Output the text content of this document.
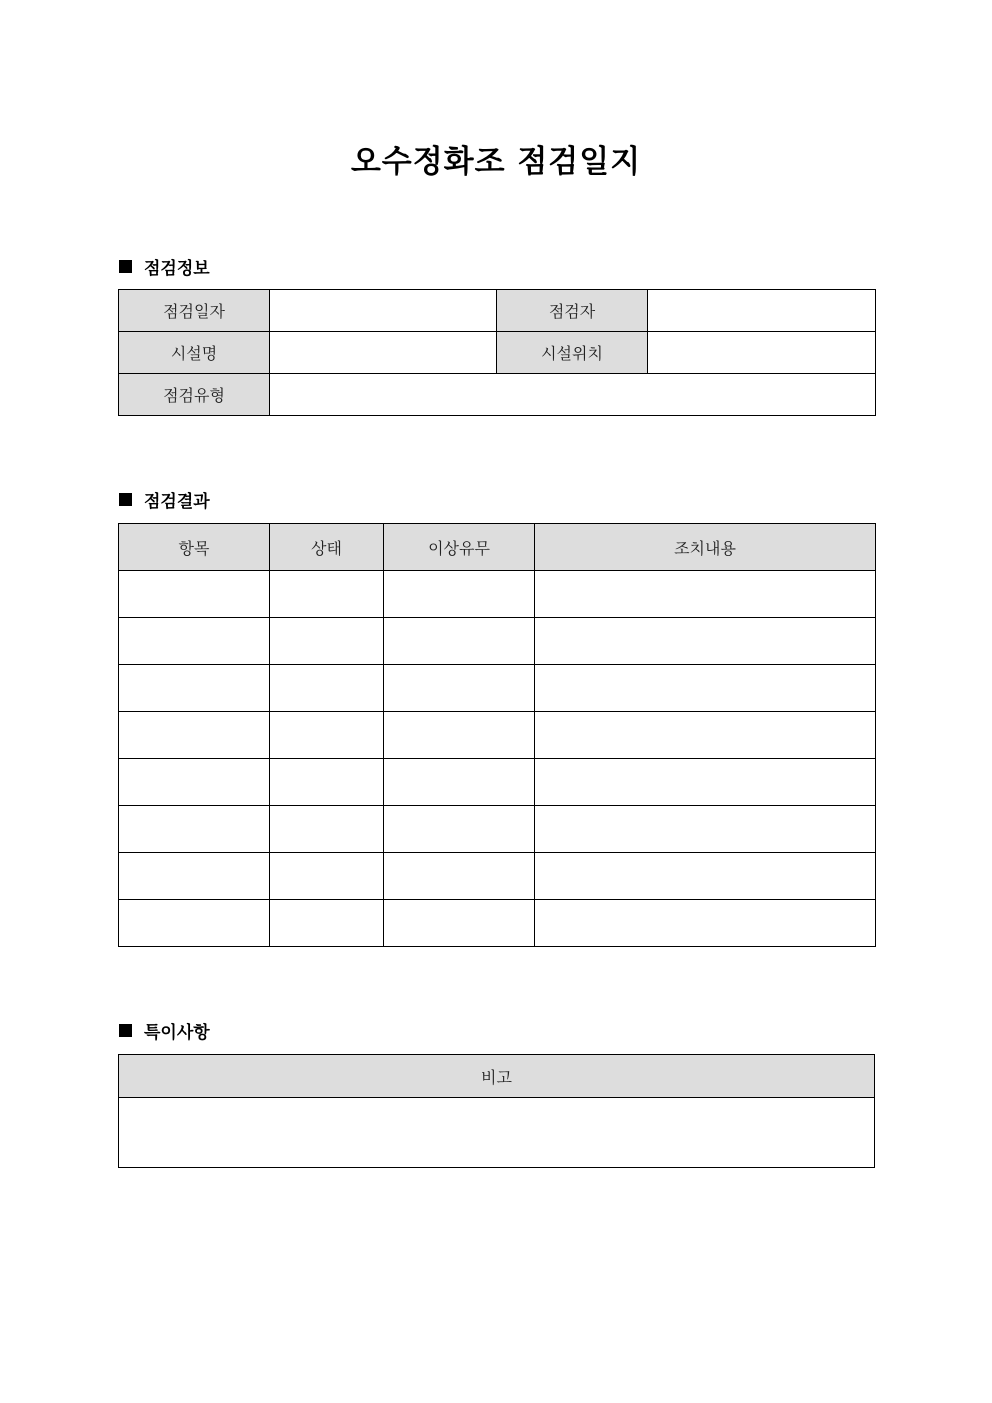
오수정화조 점검일지
점검정보
점검일자		점검자	
시설명		시설위치	
점검유형			
점검결과
항목	상태	이상유무	조치내용

특이사항
비고
